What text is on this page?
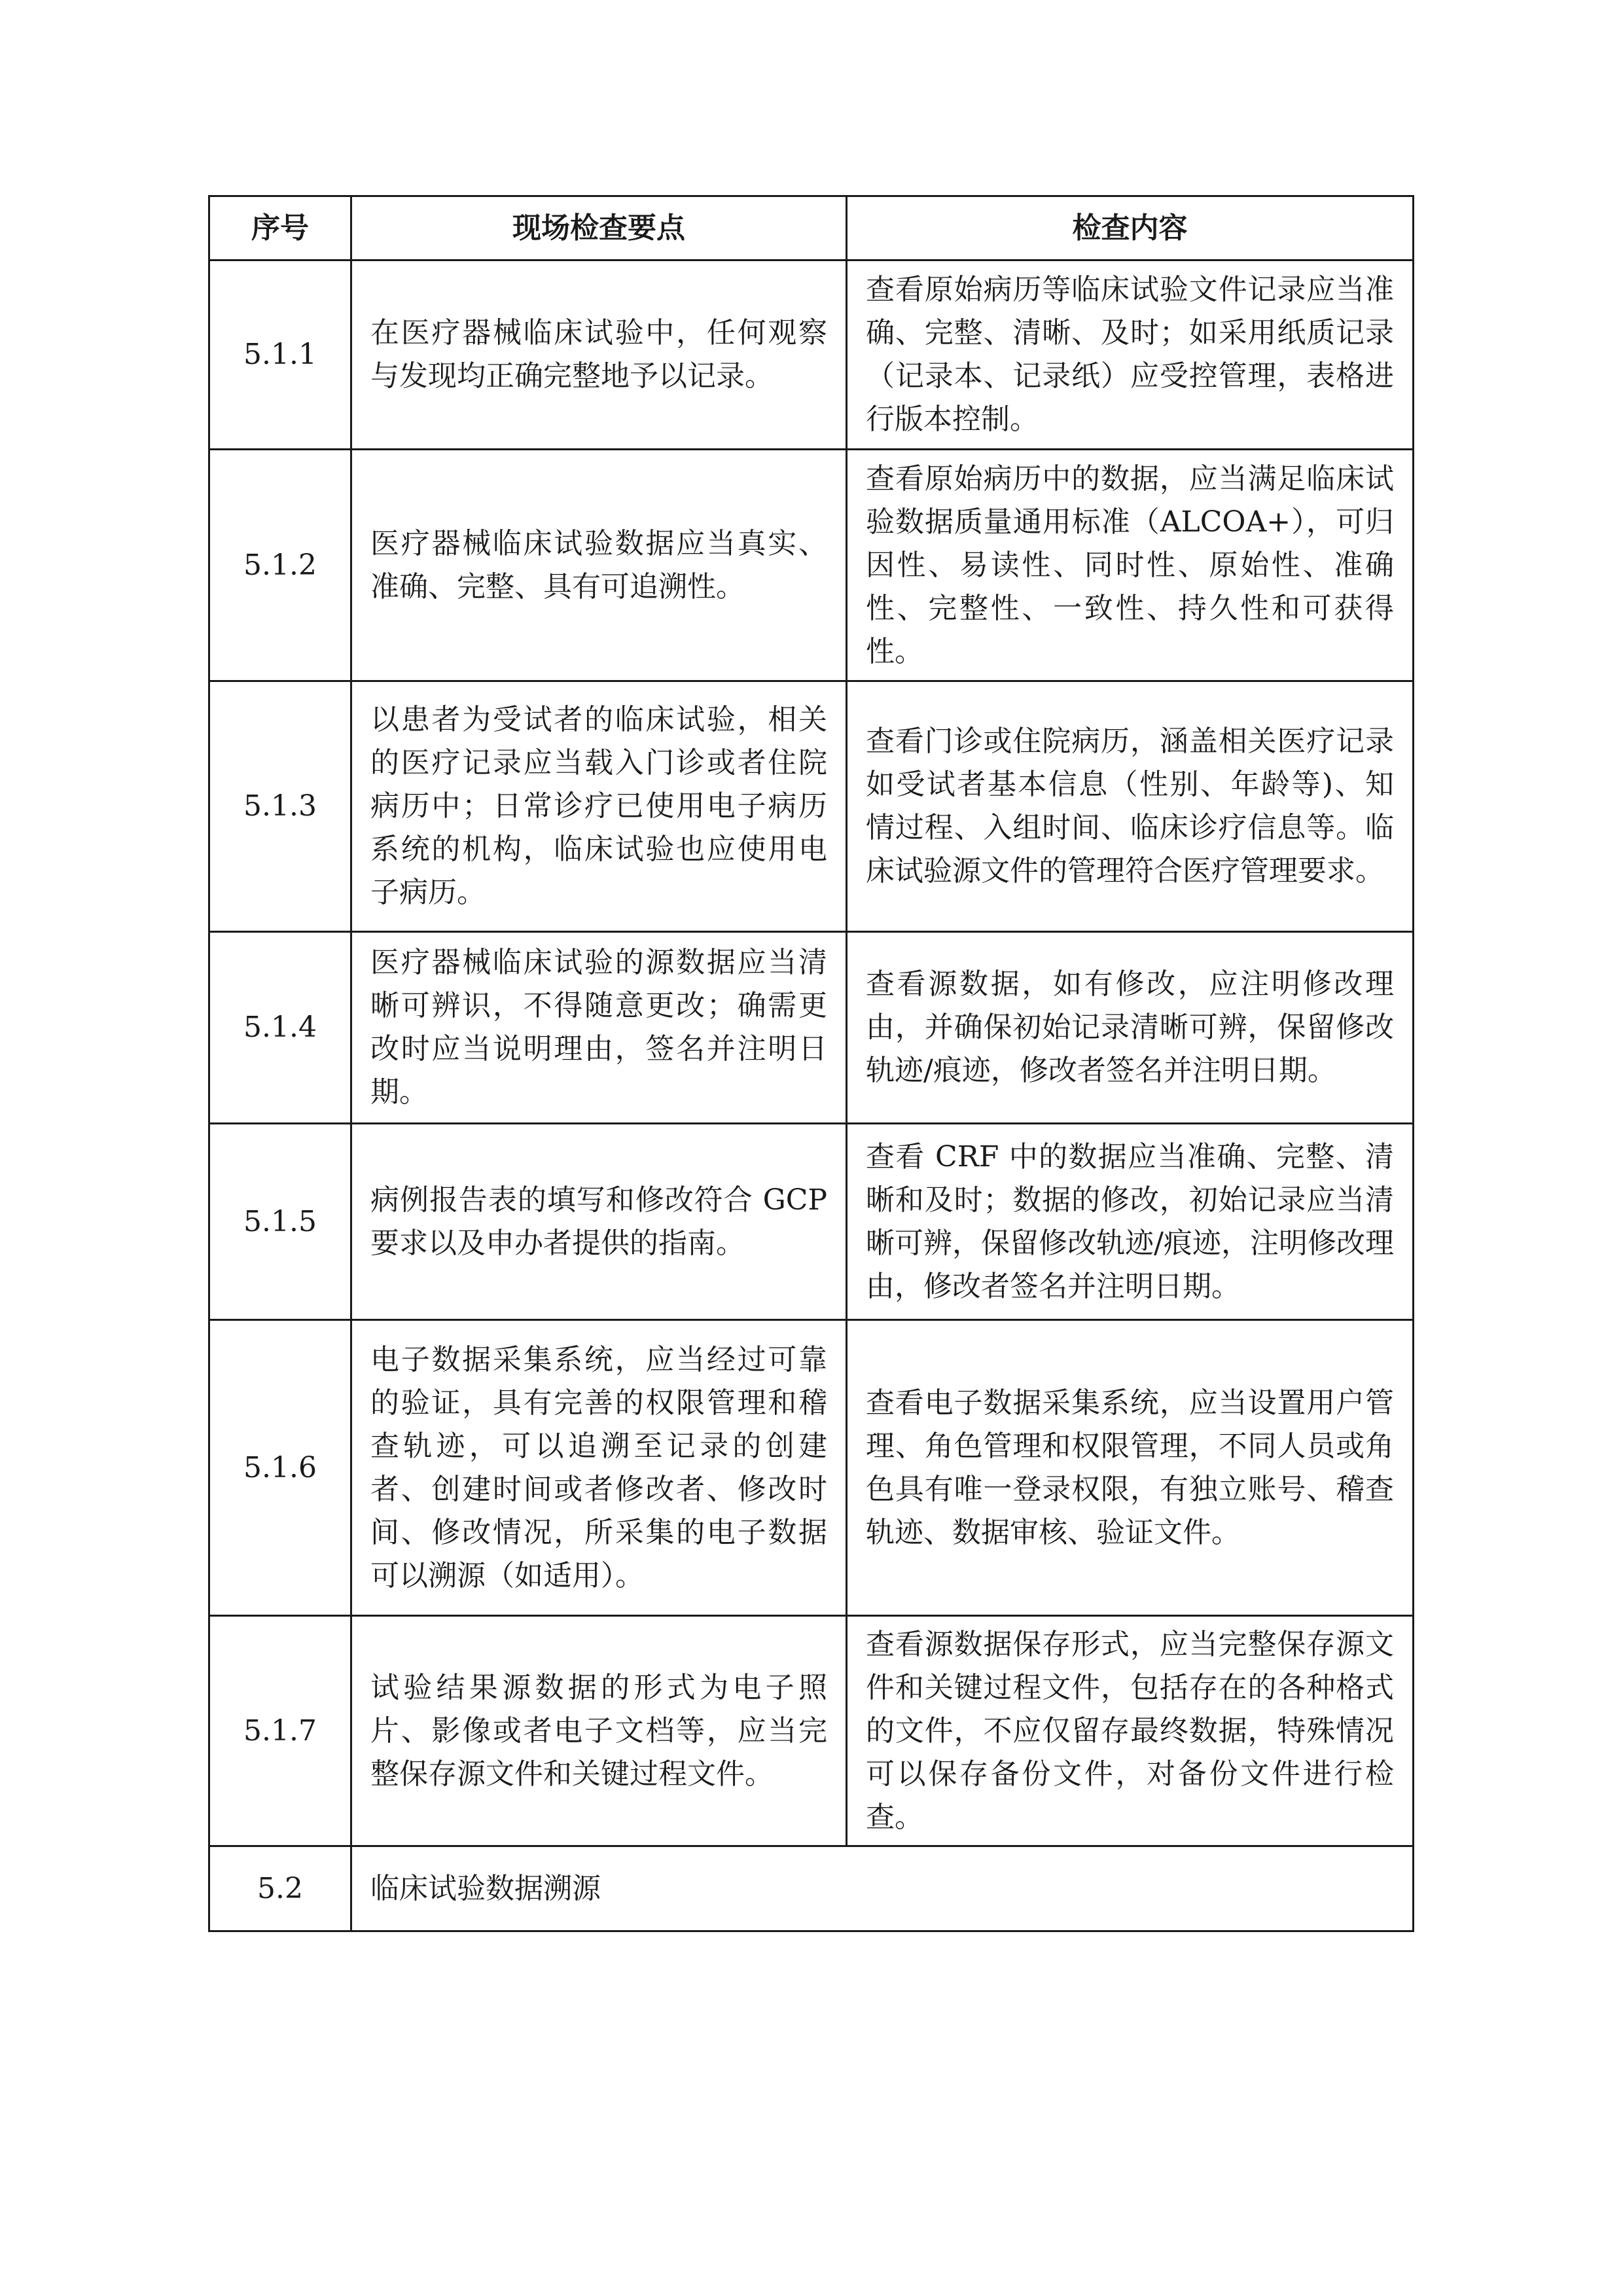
序号	现场检查要点	检查内容
5.1.1	在医疗器械临床试验中，任何观察与发现均正确完整地予以记录。	查看原始病历等临床试验文件记录应当准确、完整、清晰、及时；如采用纸质记录（记录本、记录纸）应受控管理，表格进行版本控制。
5.1.2	医疗器械临床试验数据应当真实、准确、完整、具有可追溯性。	查看原始病历中的数据，应当满足临床试验数据质量通用标准（ALCOA+），可归因性、易读性、同时性、原始性、准确性、完整性、一致性、持久性和可获得性。
5.1.3	以患者为受试者的临床试验，相关的医疗记录应当载入门诊或者住院病历中；日常诊疗已使用电子病历系统的机构，临床试验也应使用电子病历。	查看门诊或住院病历，涵盖相关医疗记录如受试者基本信息（性别、年龄等)、知情过程、入组时间、临床诊疗信息等。临床试验源文件的管理符合医疗管理要求。
5.1.4	医疗器械临床试验的源数据应当清晰可辨识，不得随意更改；确需更改时应当说明理由，签名并注明日期。	查看源数据，如有修改，应注明修改理由，并确保初始记录清晰可辨，保留修改轨迹/痕迹，修改者签名并注明日期。
5.1.5	病例报告表的填写和修改符合 GCP 要求以及申办者提供的指南。	查看 CRF 中的数据应当准确、完整、清晰和及时；数据的修改，初始记录应当清晰可辨，保留修改轨迹/痕迹，注明修改理由，修改者签名并注明日期。
5.1.6	电子数据采集系统，应当经过可靠的验证，具有完善的权限管理和稽查轨迹，可以追溯至记录的创建者、创建时间或者修改者、修改时间、修改情况，所采集的电子数据可以溯源（如适用）。	查看电子数据采集系统，应当设置用户管理、角色管理和权限管理，不同人员或角色具有唯一登录权限，有独立账号、稽查轨迹、数据审核、验证文件。
5.1.7	试验结果源数据的形式为电子照片、影像或者电子文档等，应当完整保存源文件和关键过程文件。	查看源数据保存形式，应当完整保存源文件和关键过程文件，包括存在的各种格式的文件，不应仅留存最终数据，特殊情况可以保存备份文件，对备份文件进行检查。
5.2	临床试验数据溯源	
